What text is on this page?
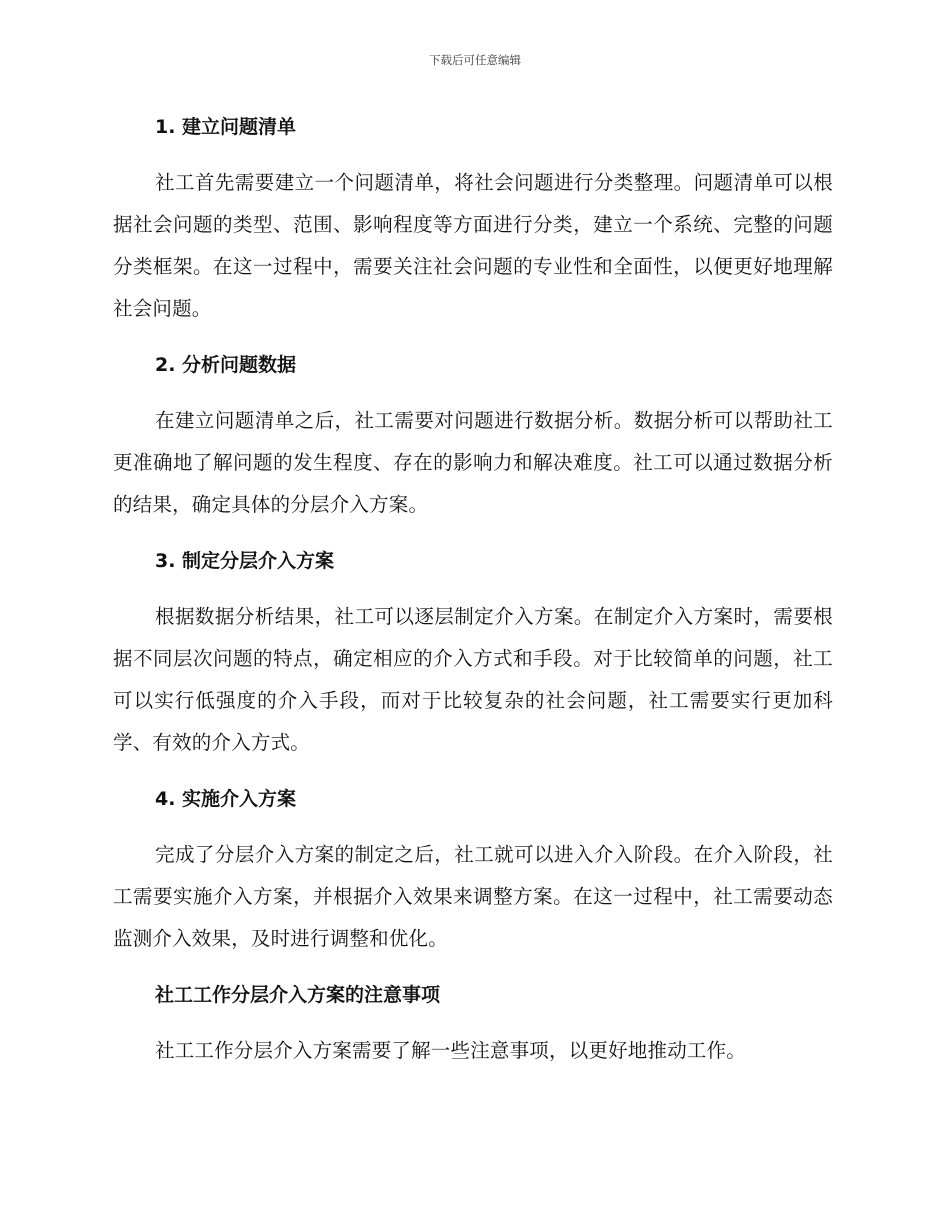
下载后可任意编辑
1. 建立问题清单

社工首先需要建立一个问题清单，将社会问题进行分类整理。问题清单可以根据社会问题的类型、范围、影响程度等方面进行分类，建立一个系统、完整的问题分类框架。在这一过程中，需要关注社会问题的专业性和全面性，以便更好地理解社会问题。

2. 分析问题数据

在建立问题清单之后，社工需要对问题进行数据分析。数据分析可以帮助社工更准确地了解问题的发生程度、存在的影响力和解决难度。社工可以通过数据分析的结果，确定具体的分层介入方案。

3. 制定分层介入方案

根据数据分析结果，社工可以逐层制定介入方案。在制定介入方案时，需要根据不同层次问题的特点，确定相应的介入方式和手段。对于比较简单的问题，社工可以实行低强度的介入手段，而对于比较复杂的社会问题，社工需要实行更加科学、有效的介入方式。

4. 实施介入方案

完成了分层介入方案的制定之后，社工就可以进入介入阶段。在介入阶段，社工需要实施介入方案，并根据介入效果来调整方案。在这一过程中，社工需要动态监测介入效果，及时进行调整和优化。

社工工作分层介入方案的注意事项

社工工作分层介入方案需要了解一些注意事项，以更好地推动工作。
